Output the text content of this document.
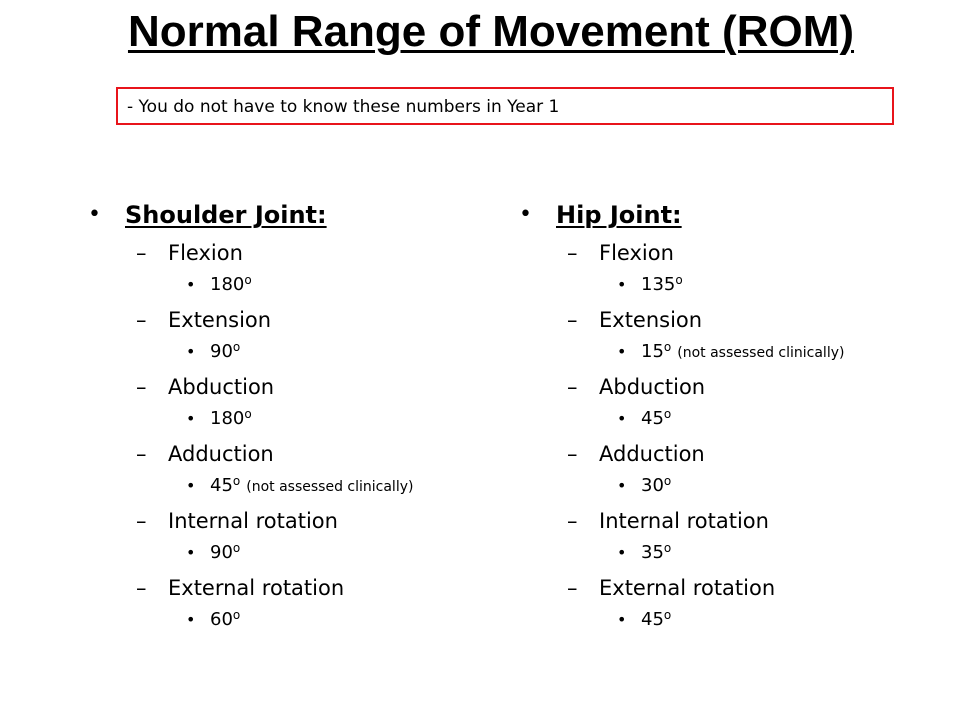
Normal Range of Movement (ROM)
- You do not have to know these numbers in Year 1
• Shoulder Joint:
– Flexion
• 180$^o$
– Extension
• 90$^o$
– Abduction
• 180$^o$
– Adduction
• 45$^o$ (not assessed clinically)
– Internal rotation
• 90$^o$
– External rotation
• 60$^o$
• Hip Joint:
– Flexion
• 135$^o$
– Extension
• 15$^o$ (not assessed clinically)
– Abduction
• 45$^o$
– Adduction
• 30$^o$
– Internal rotation
• 35$^o$
– External rotation
• 45$^o$
